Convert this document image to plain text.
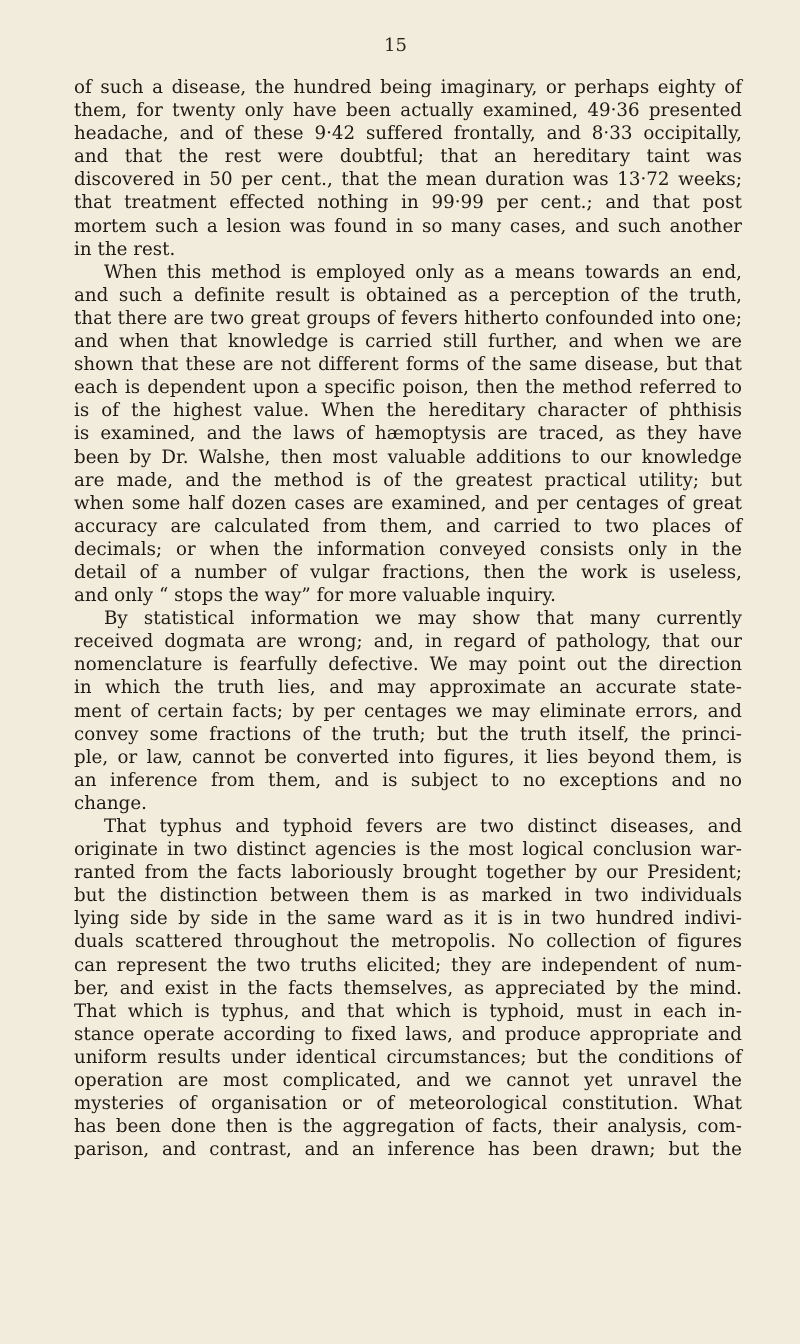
15
of such a disease, the hundred being imaginary, or perhaps eighty of
them, for twenty only have been actually examined, 49·36 presented
headache, and of these 9·42 suffered frontally, and 8·33 occipitally,
and that the rest were doubtful; that an hereditary taint was
discovered in 50 per cent., that the mean duration was 13·72 weeks;
that treatment effected nothing in 99·99 per cent.; and that post
mortem such a lesion was found in so many cases, and such another
in the rest.
When this method is employed only as a means towards an end,
and such a definite result is obtained as a perception of the truth,
that there are two great groups of fevers hitherto confounded into one;
and when that knowledge is carried still further, and when we are
shown that these are not different forms of the same disease, but that
each is dependent upon a specific poison, then the method referred to
is of the highest value. When the hereditary character of phthisis
is examined, and the laws of hæmoptysis are traced, as they have
been by Dr. Walshe, then most valuable additions to our knowledge
are made, and the method is of the greatest practical utility; but
when some half dozen cases are examined, and per centages of great
accuracy are calculated from them, and carried to two places of
decimals; or when the information conveyed consists only in the
detail of a number of vulgar fractions, then the work is useless,
and only “ stops the way” for more valuable inquiry.
By statistical information we may show that many currently
received dogmata are wrong; and, in regard of pathology, that our
nomenclature is fearfully defective. We may point out the direction
in which the truth lies, and may approximate an accurate state-
ment of certain facts; by per centages we may eliminate errors, and
convey some fractions of the truth; but the truth itself, the princi-
ple, or law, cannot be converted into figures, it lies beyond them, is
an inference from them, and is subject to no exceptions and no
change.
That typhus and typhoid fevers are two distinct diseases, and
originate in two distinct agencies is the most logical conclusion war-
ranted from the facts laboriously brought together by our President;
but the distinction between them is as marked in two individuals
lying side by side in the same ward as it is in two hundred indivi-
duals scattered throughout the metropolis. No collection of figures
can represent the two truths elicited; they are independent of num-
ber, and exist in the facts themselves, as appreciated by the mind.
That which is typhus, and that which is typhoid, must in each in-
stance operate according to fixed laws, and produce appropriate and
uniform results under identical circumstances; but the conditions of
operation are most complicated, and we cannot yet unravel the
mysteries of organisation or of meteorological constitution. What
has been done then is the aggregation of facts, their analysis, com-
parison, and contrast, and an inference has been drawn; but the
